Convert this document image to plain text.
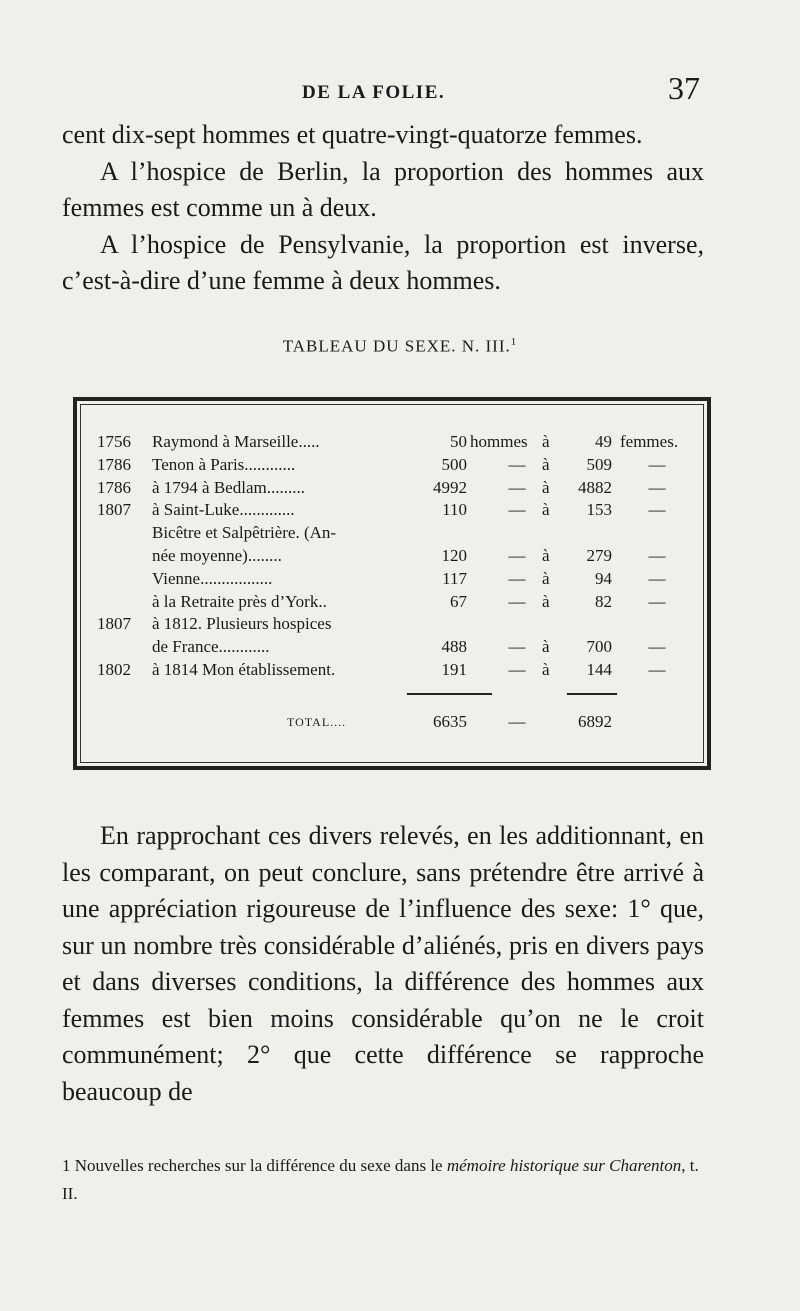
DE LA FOLIE.	37
cent dix-sept hommes et quatre-vingt-quatorze femmes.
A l’hospice de Berlin, la proportion des hommes aux femmes est comme un à deux.
A l’hospice de Pensylvanie, la proportion est inverse, c’est-à-dire d’une femme à deux hommes.
TABLEAU DU SEXE. N. III.$^1$
1756 Raymond à Marseille.....	50 hommes à	49 femmes.
1786 Tenon à Paris............	500	— à	509	—
1786 à 1794 à Bedlam.........	4992	— à	4882	—
1807 à Saint-Luke.............	110	— à	153	—
Bicêtre et Salpêtrière. (An-
née moyenne)........	120	— à	279	—
Vienne.................	117	— à	94	—
à la Retraite près d’York..	67	— à	82	—
1807 à 1812. Plusieurs hospices
de France............	488	— à	700	—
1802 à 1814 Mon établissement.	191	— à	144	—
TOTAL....	6635	—	6892
En rapprochant ces divers relevés, en les additionnant, en les comparant, on peut conclure, sans prétendre être arrivé à une appréciation rigoureuse de l’influence des sexe: 1° que, sur un nombre très considérable d’aliénés, pris en divers pays et dans diverses conditions, la différence des hommes aux femmes est bien moins considérable qu’on ne le croit communément; 2° que cette différence se rapproche beaucoup de
1 Nouvelles recherches sur la différence du sexe dans le mémoire historique sur Charenton, t. II.
